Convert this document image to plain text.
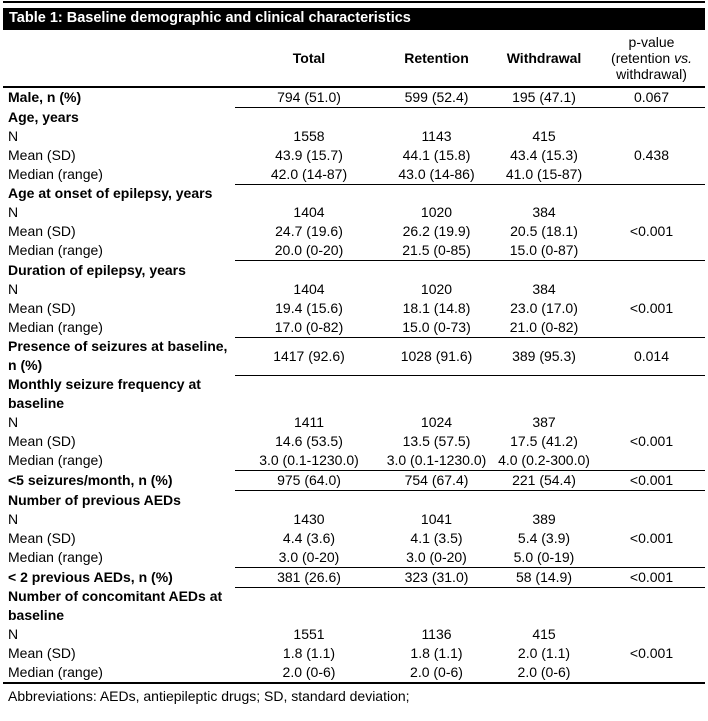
Table 1: Baseline demographic and clinical characteristics
	Total	Retention	Withdrawal	p-value
(retention vs.
withdrawal)
Male, n (%)	794 (51.0)	599 (52.4)	195 (47.1)	0.067
Age, years				
N	1558	1143	415	
Mean (SD)	43.9 (15.7)	44.1 (15.8)	43.4 (15.3)	0.438
Median (range)	42.0 (14-87)	43.0 (14-86)	41.0 (15-87)	
Age at onset of epilepsy, years				
N	1404	1020	384	
Mean (SD)	24.7 (19.6)	26.2 (19.9)	20.5 (18.1)	<0.001
Median (range)	20.0 (0-20)	21.5 (0-85)	15.0 (0-87)	
Duration of epilepsy, years				
N	1404	1020	384	
Mean (SD)	19.4 (15.6)	18.1 (14.8)	23.0 (17.0)	<0.001
Median (range)	17.0 (0-82)	15.0 (0-73)	21.0 (0-82)	
Presence of seizures at baseline, n (%)	1417 (92.6)	1028 (91.6)	389 (95.3)	0.014
Monthly seizure frequency at baseline				
N	1411	1024	387	
Mean (SD)	14.6 (53.5)	13.5 (57.5)	17.5 (41.2)	<0.001
Median (range)	3.0 (0.1-1230.0)	3.0 (0.1-1230.0)	4.0 (0.2-300.0)	
<5 seizures/month, n (%)	975 (64.0)	754 (67.4)	221 (54.4)	<0.001
Number of previous AEDs				
N	1430	1041	389	
Mean (SD)	4.4 (3.6)	4.1 (3.5)	5.4 (3.9)	<0.001
Median (range)	3.0 (0-20)	3.0 (0-20)	5.0 (0-19)	
< 2 previous AEDs, n (%)	381 (26.6)	323 (31.0)	58 (14.9)	<0.001
Number of concomitant AEDs at baseline				
N	1551	1136	415	
Mean (SD)	1.8 (1.1)	1.8 (1.1)	2.0 (1.1)	<0.001
Median (range)	2.0 (0-6)	2.0 (0-6)	2.0 (0-6)	
Abbreviations: AEDs, antiepileptic drugs; SD, standard deviation;
